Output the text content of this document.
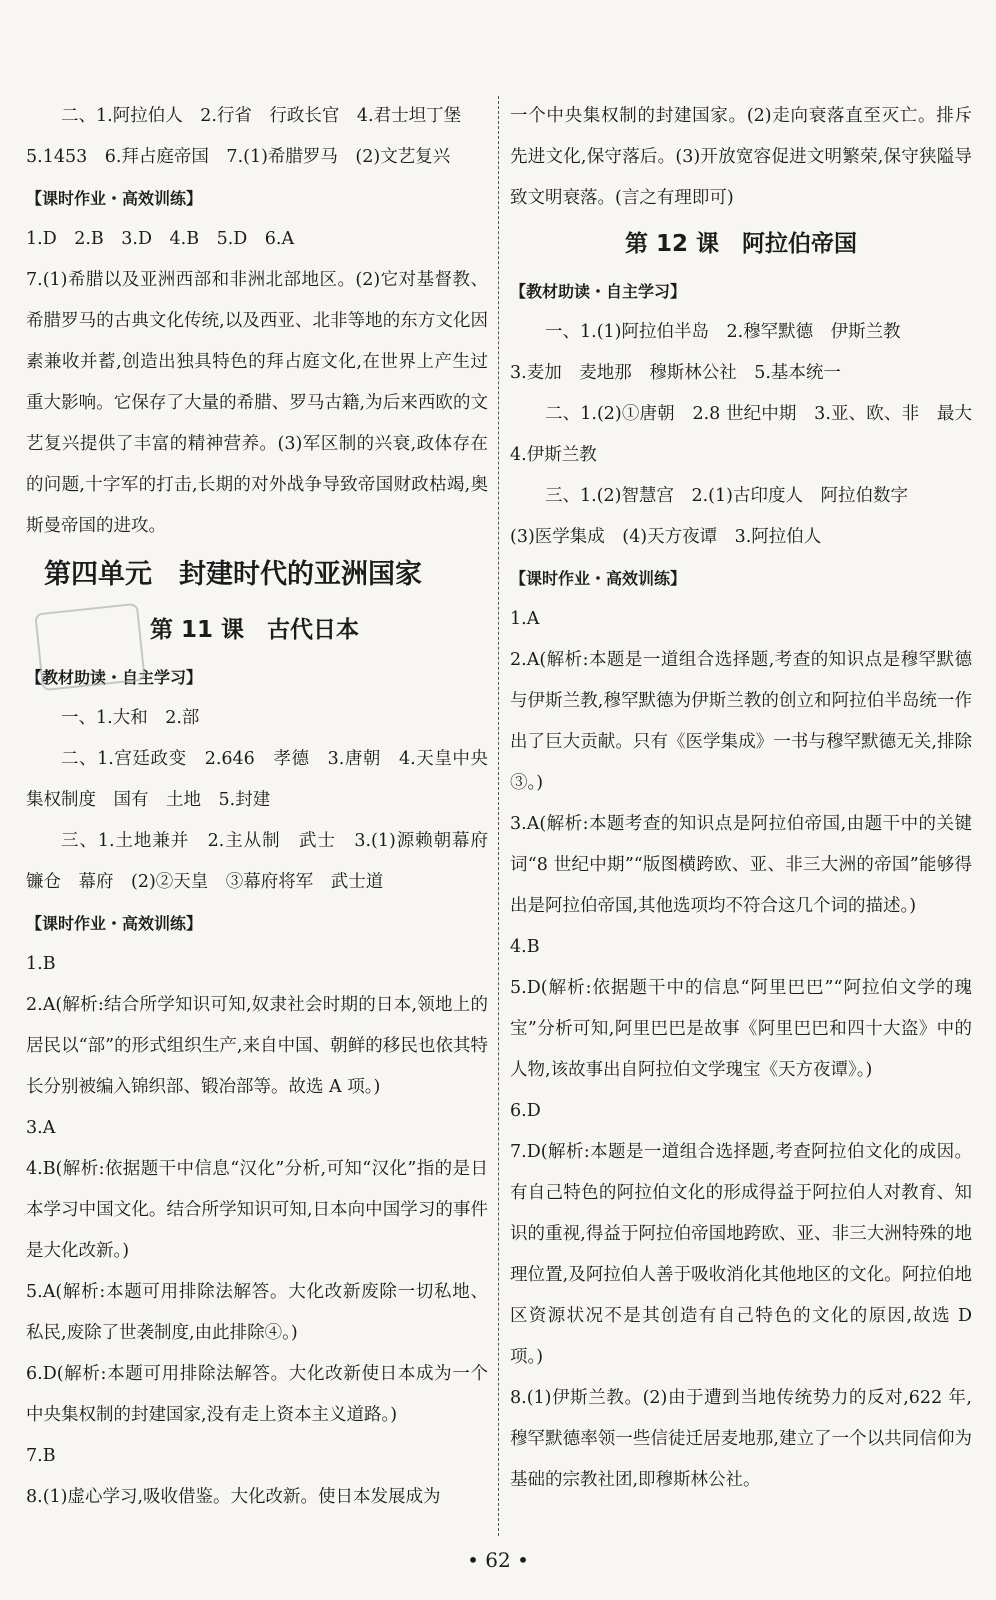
二、1.阿拉伯人　2.行省　行政长官　4.君士坦丁堡

5.1453　6.拜占庭帝国　7.(1)希腊罗马　(2)文艺复兴

【课时作业・高效训练】

1.D　2.B　3.D　4.B　5.D　6.A

7.(1)希腊以及亚洲西部和非洲北部地区。(2)它对基督教、希腊罗马的古典文化传统,以及西亚、北非等地的东方文化因素兼收并蓄,创造出独具特色的拜占庭文化,在世界上产生过重大影响。它保存了大量的希腊、罗马古籍,为后来西欧的文艺复兴提供了丰富的精神营养。(3)军区制的兴衰,政体存在的问题,十字军的打击,长期的对外战争导致帝国财政枯竭,奥斯曼帝国的进攻。

第四单元　封建时代的亚洲国家

第 11 课　古代日本

【教材助读・自主学习】

一、1.大和　2.部

二、1.宫廷政变　2.646　孝德　3.唐朝　4.天皇中央集权制度　国有　土地　5.封建

三、1.土地兼并　2.主从制　武士　3.(1)源赖朝幕府　镰仓　幕府　(2)②天皇　③幕府将军　武士道

【课时作业・高效训练】

1.B

2.A(解析:结合所学知识可知,奴隶社会时期的日本,领地上的居民以“部”的形式组织生产,来自中国、朝鲜的移民也依其特长分别被编入锦织部、锻冶部等。故选 A 项。)

3.A

4.B(解析:依据题干中信息“汉化”分析,可知“汉化”指的是日本学习中国文化。结合所学知识可知,日本向中国学习的事件是大化改新。)

5.A(解析:本题可用排除法解答。大化改新废除一切私地、私民,废除了世袭制度,由此排除④。)

6.D(解析:本题可用排除法解答。大化改新使日本成为一个中央集权制的封建国家,没有走上资本主义道路。)

7.B

8.(1)虚心学习,吸收借鉴。大化改新。使日本发展成为

一个中央集权制的封建国家。(2)走向衰落直至灭亡。排斥先进文化,保守落后。(3)开放宽容促进文明繁荣,保守狭隘导致文明衰落。(言之有理即可)

第 12 课　阿拉伯帝国

【教材助读・自主学习】

一、1.(1)阿拉伯半岛　2.穆罕默德　伊斯兰教

3.麦加　麦地那　穆斯林公社　5.基本统一

二、1.(2)①唐朝　2.8 世纪中期　3.亚、欧、非　最大　4.伊斯兰教

三、1.(2)智慧宫　2.(1)古印度人　阿拉伯数字

(3)医学集成　(4)天方夜谭　3.阿拉伯人

【课时作业・高效训练】

1.A

2.A(解析:本题是一道组合选择题,考查的知识点是穆罕默德与伊斯兰教,穆罕默德为伊斯兰教的创立和阿拉伯半岛统一作出了巨大贡献。只有《医学集成》一书与穆罕默德无关,排除③。)

3.A(解析:本题考查的知识点是阿拉伯帝国,由题干中的关键词“8 世纪中期”“版图横跨欧、亚、非三大洲的帝国”能够得出是阿拉伯帝国,其他选项均不符合这几个词的描述。)

4.B

5.D(解析:依据题干中的信息“阿里巴巴”“阿拉伯文学的瑰宝”分析可知,阿里巴巴是故事《阿里巴巴和四十大盗》中的人物,该故事出自阿拉伯文学瑰宝《天方夜谭》。)

6.D

7.D(解析:本题是一道组合选择题,考查阿拉伯文化的成因。有自己特色的阿拉伯文化的形成得益于阿拉伯人对教育、知识的重视,得益于阿拉伯帝国地跨欧、亚、非三大洲特殊的地理位置,及阿拉伯人善于吸收消化其他地区的文化。阿拉伯地区资源状况不是其创造有自己特色的文化的原因,故选 D 项。)

8.(1)伊斯兰教。(2)由于遭到当地传统势力的反对,622 年,穆罕默德率领一些信徒迁居麦地那,建立了一个以共同信仰为基础的宗教社团,即穆斯林公社。

• 62 •
